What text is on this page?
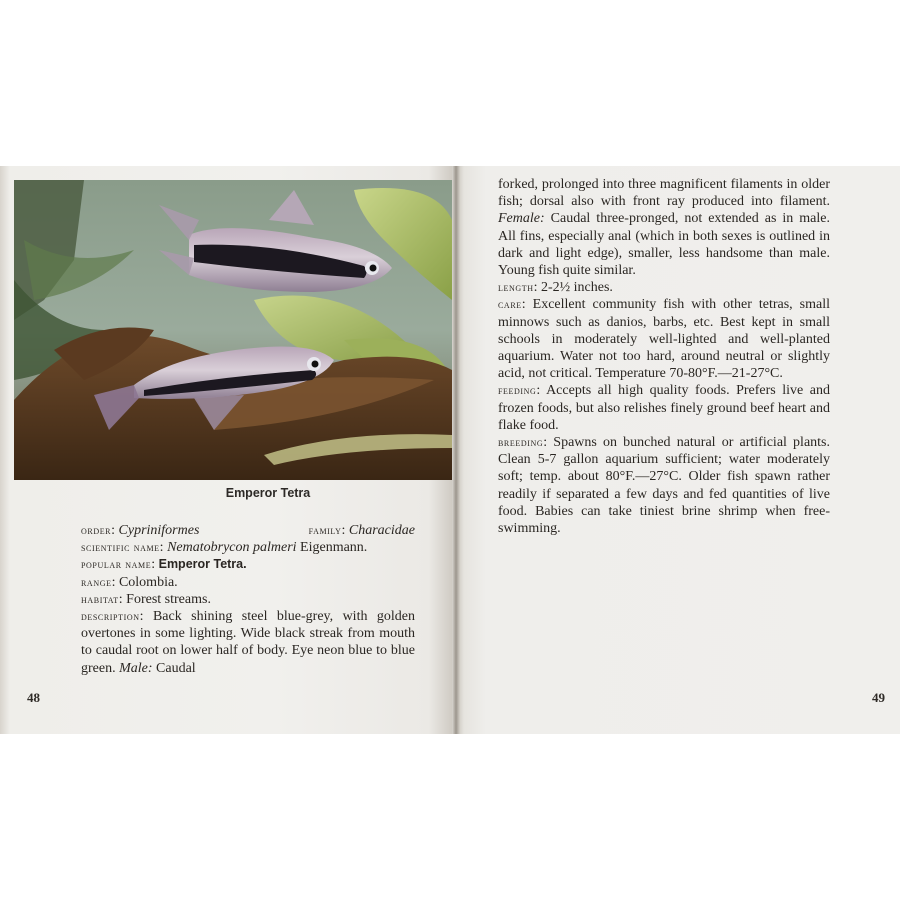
Emperor Tetra
order: Cypriniformes	family: Characidae
scientific name: Nematobrycon palmeri Eigenmann.
popular name: Emperor Tetra.
range: Colombia.
habitat: Forest streams.
description: Back shining steel blue-grey, with golden overtones in some lighting. Wide black streak from mouth to caudal root on lower half of body. Eye neon blue to blue green. Male: Caudal
48
forked, prolonged into three magnificent filaments in older fish; dorsal also with front ray produced into filament. Female: Caudal three-pronged, not extended as in male. All fins, especially anal (which in both sexes is outlined in dark and light edge), smaller, less handsome than male. Young fish quite similar.
length: 2-2½ inches.
care: Excellent community fish with other tetras, small minnows such as danios, barbs, etc. Best kept in small schools in moderately well-lighted and well-planted aquarium. Water not too hard, around neutral or slightly acid, not critical. Temperature 70-80°F.—21-27°C.
feeding: Accepts all high quality foods. Prefers live and frozen foods, but also relishes finely ground beef heart and flake food.
breeding: Spawns on bunched natural or artificial plants. Clean 5-7 gallon aquarium sufficient; water moderately soft; temp. about 80°F.—27°C. Older fish spawn rather readily if separated a few days and fed quantities of live food. Babies can take tiniest brine shrimp when free-swimming.
49
